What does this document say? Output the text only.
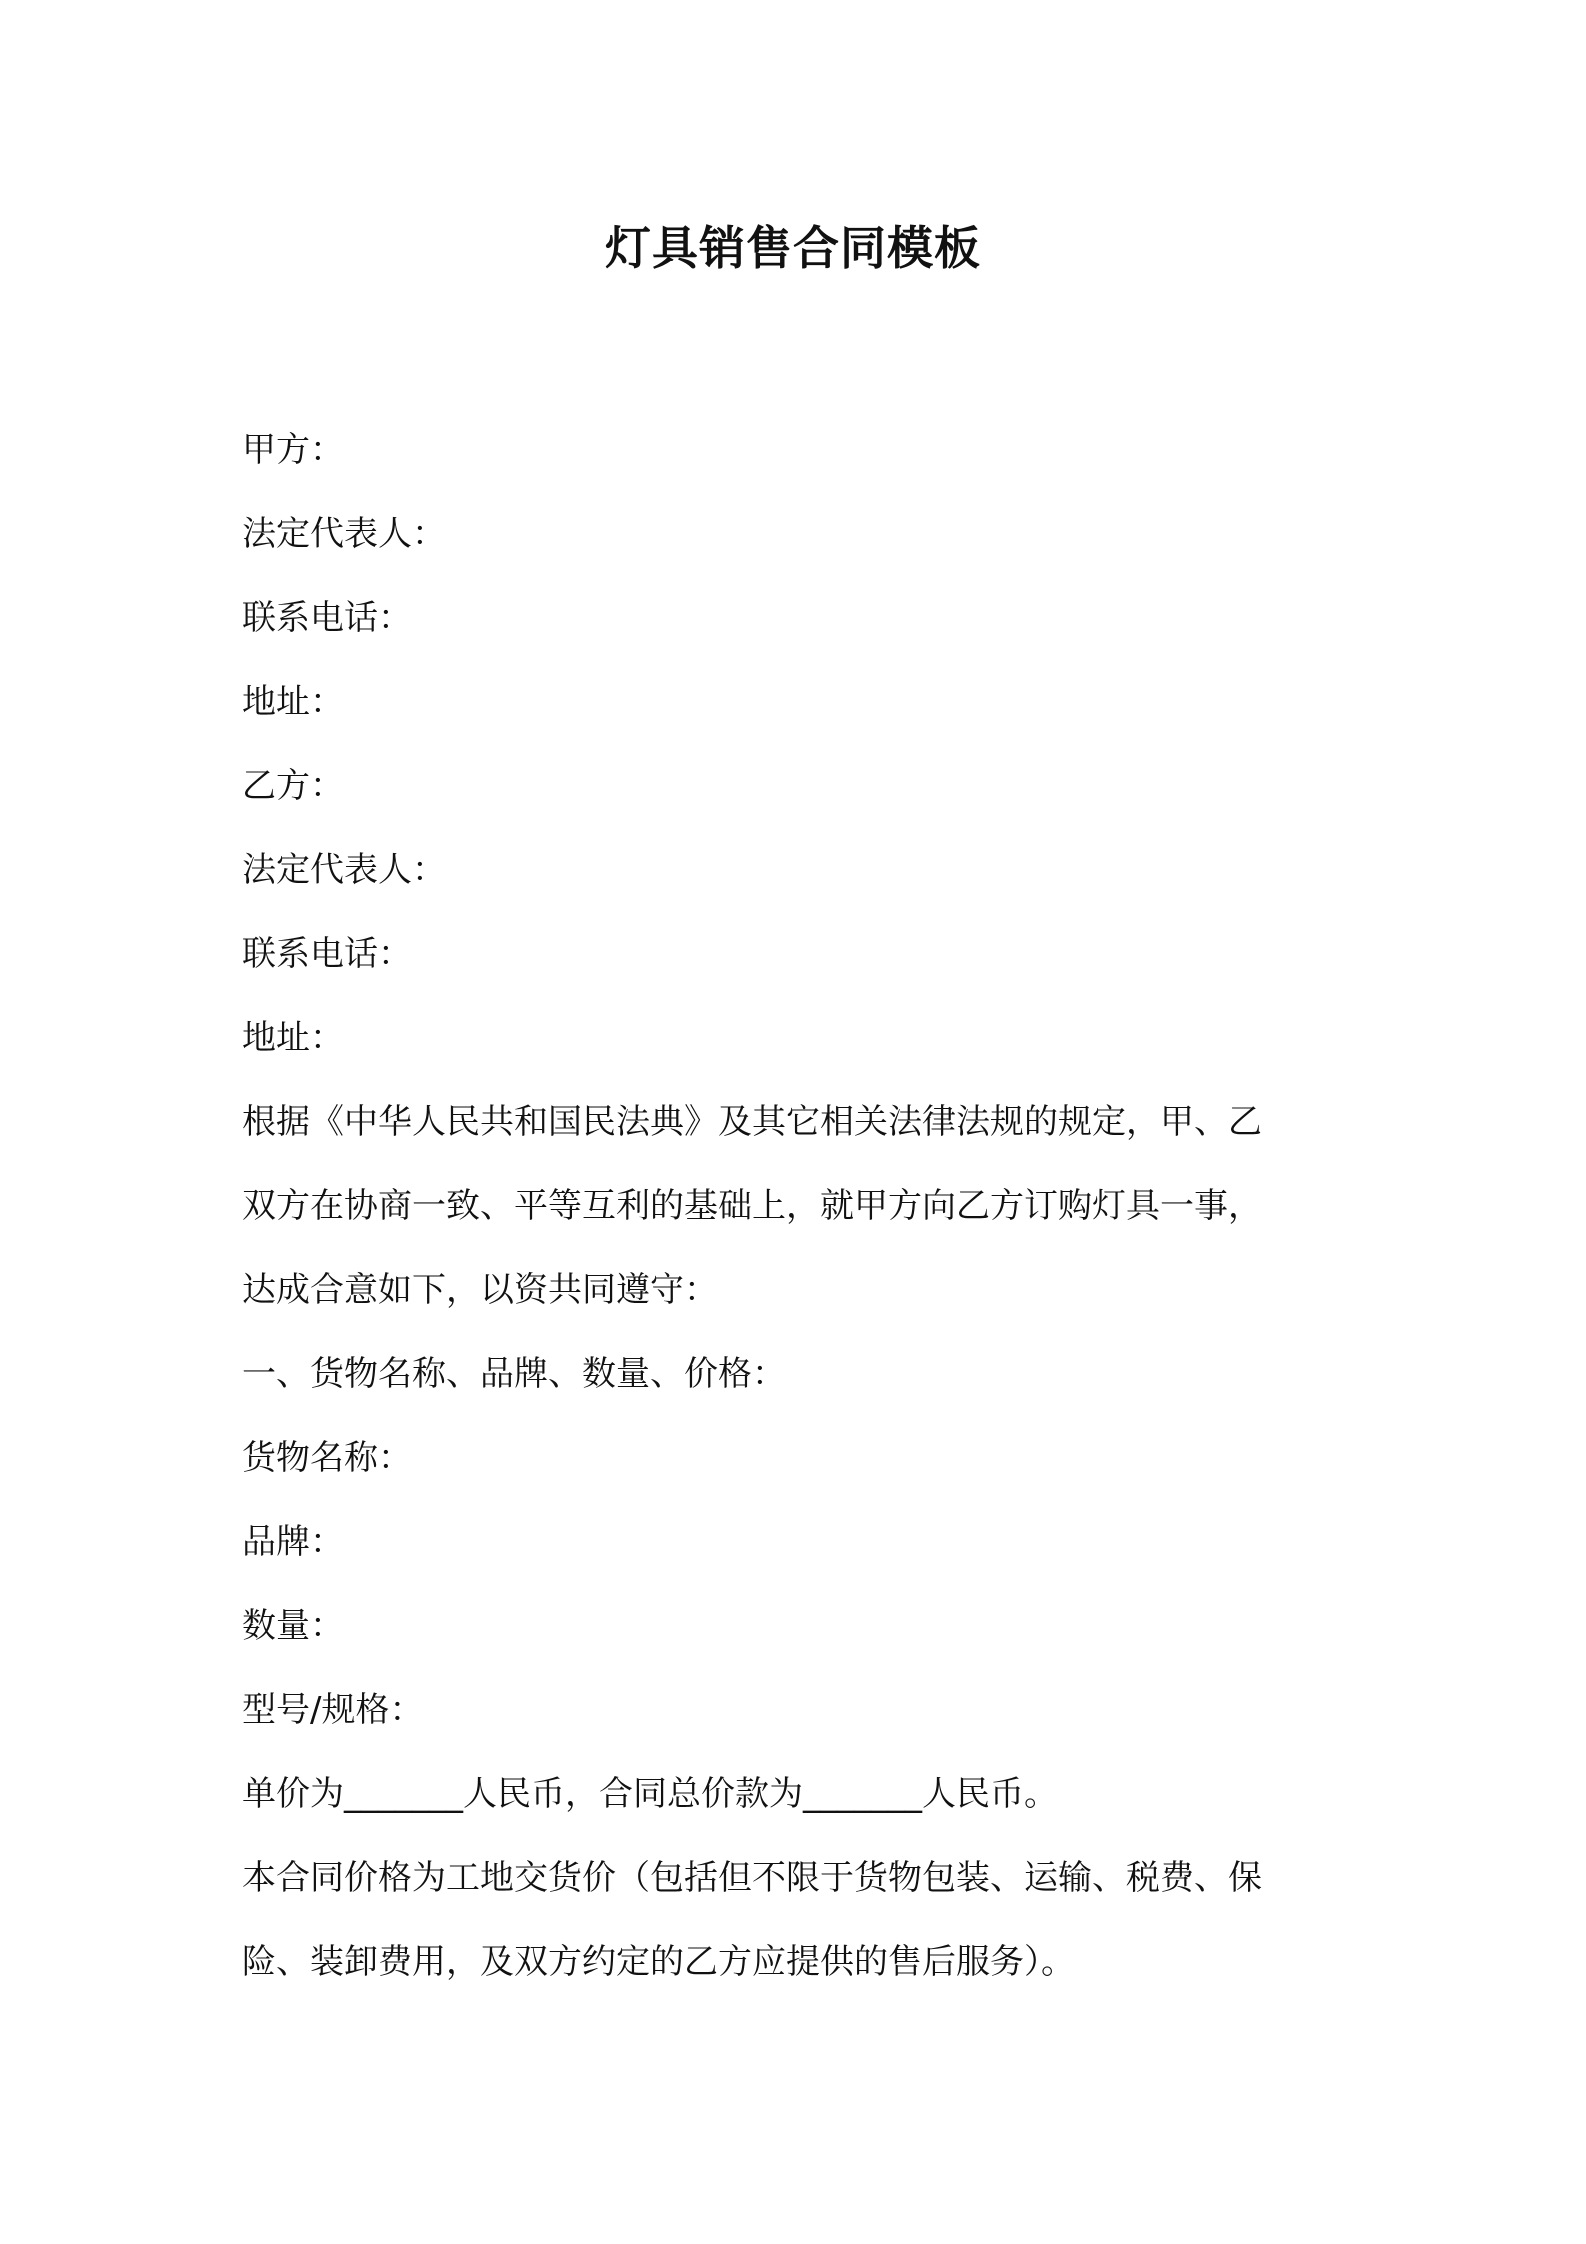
灯具销售合同模板
甲方：
法定代表人：
联系电话：
地址：
乙方：
法定代表人：
联系电话：
地址：
根据《中华人民共和国民法典》及其它相关法律法规的规定，甲、乙
双方在协商一致、平等互利的基础上，就甲方向乙方订购灯具一事，
达成合意如下，以资共同遵守：
一、货物名称、品牌、数量、价格：
货物名称：
品牌：
数量：
型号/规格：
单价为_______人民币，合同总价款为_______人民币。
本合同价格为工地交货价（包括但不限于货物包装、运输、税费、保
险、装卸费用，及双方约定的乙方应提供的售后服务）。
